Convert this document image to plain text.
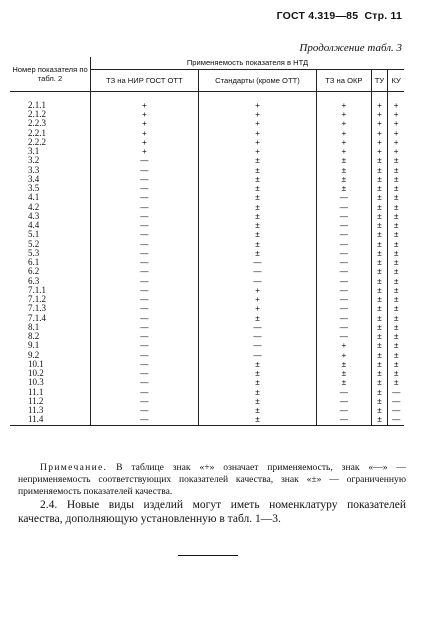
ГОСТ 4.319—85 Стр. 11
Продолжение табл. 3
Номер показателя по табл. 2	Применяемость показателя в НТД				
	ТЗ на НИР ГОСТ ОТТ	Стандарты (кроме ОТТ)	ТЗ на ОКР	ТУ	КУ

2.1.1	+	+	+	+	+
2.1.2	+	+	+	+	+
2.2.3	+	+	+	+	+
2.2.1	+	+	+	+	+
2.2.2	+	+	+	+	+
3.1	+	+	+	+	+
3.2	—	±	±	±	±
3.3	—	±	±	±	±
3.4	—	±	±	±	±
3.5	—	±	±	±	±
4.1	—	±	—	±	±
4.2	—	±	—	±	±
4.3	—	±	—	±	±
4.4	—	±	—	±	±
5.1	—	±	—	±	±
5.2	—	±	—	±	±
5.3	—	±	—	±	±
6.1	—	—	—	±	±
6.2	—	—	—	±	±
6.3	—	—	—	±	±
7.1.1	—	+	—	±	±
7.1.2	—	+	—	±	±
7.1.3	—	+	—	±	±
7.1.4	—	±	—	±	±
8.1	—	—	—	±	±
8.2	—	—	—	±	±
9.1	—	—	+	±	±
9.2	—	—	+	±	±
10.1	—	±	±	±	±
10.2	—	±	±	±	±
10.3	—	±	±	±	±
11.1	—	±	—	±	—
11.2	—	±	—	±	—
11.3	—	±	—	±	—
11.4	—	±	—	±	—
Примечание. В таблице знак «+» означает применяемость, знак «—» — неприменяемость соответствующих показателей качества, знак «±» — ограниченную применяемость показателей качества.
2.4. Новые виды изделий могут иметь номенклатуру показателей качества, дополняющую установленную в табл. 1—3.
